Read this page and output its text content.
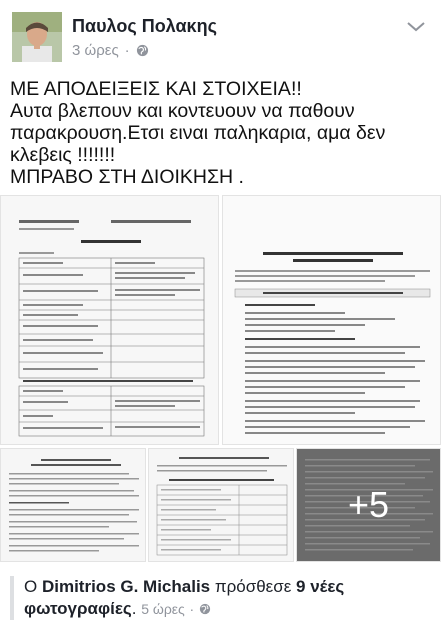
Παυλος Πολακης
3 ώρες ·

ΜΕ ΑΠΟΔΕΙΞΕΙΣ ΚΑΙ ΣΤΟΙΧΕΙΑ!!
Αυτα βλεπουν και κοντευουν να παθουν παρακρουση.Ετσι ειναι παληκαρια, αμα δεν κλεβεις !!!!!!!
ΜΠΡΑΒΟ ΣΤΗ ΔΙΟΙΚΗΣΗ .

+5
Ο Dimitrios G. Michalis πρόσθεσε 9 νέες φωτογραφίες. 5 ώρες ·
